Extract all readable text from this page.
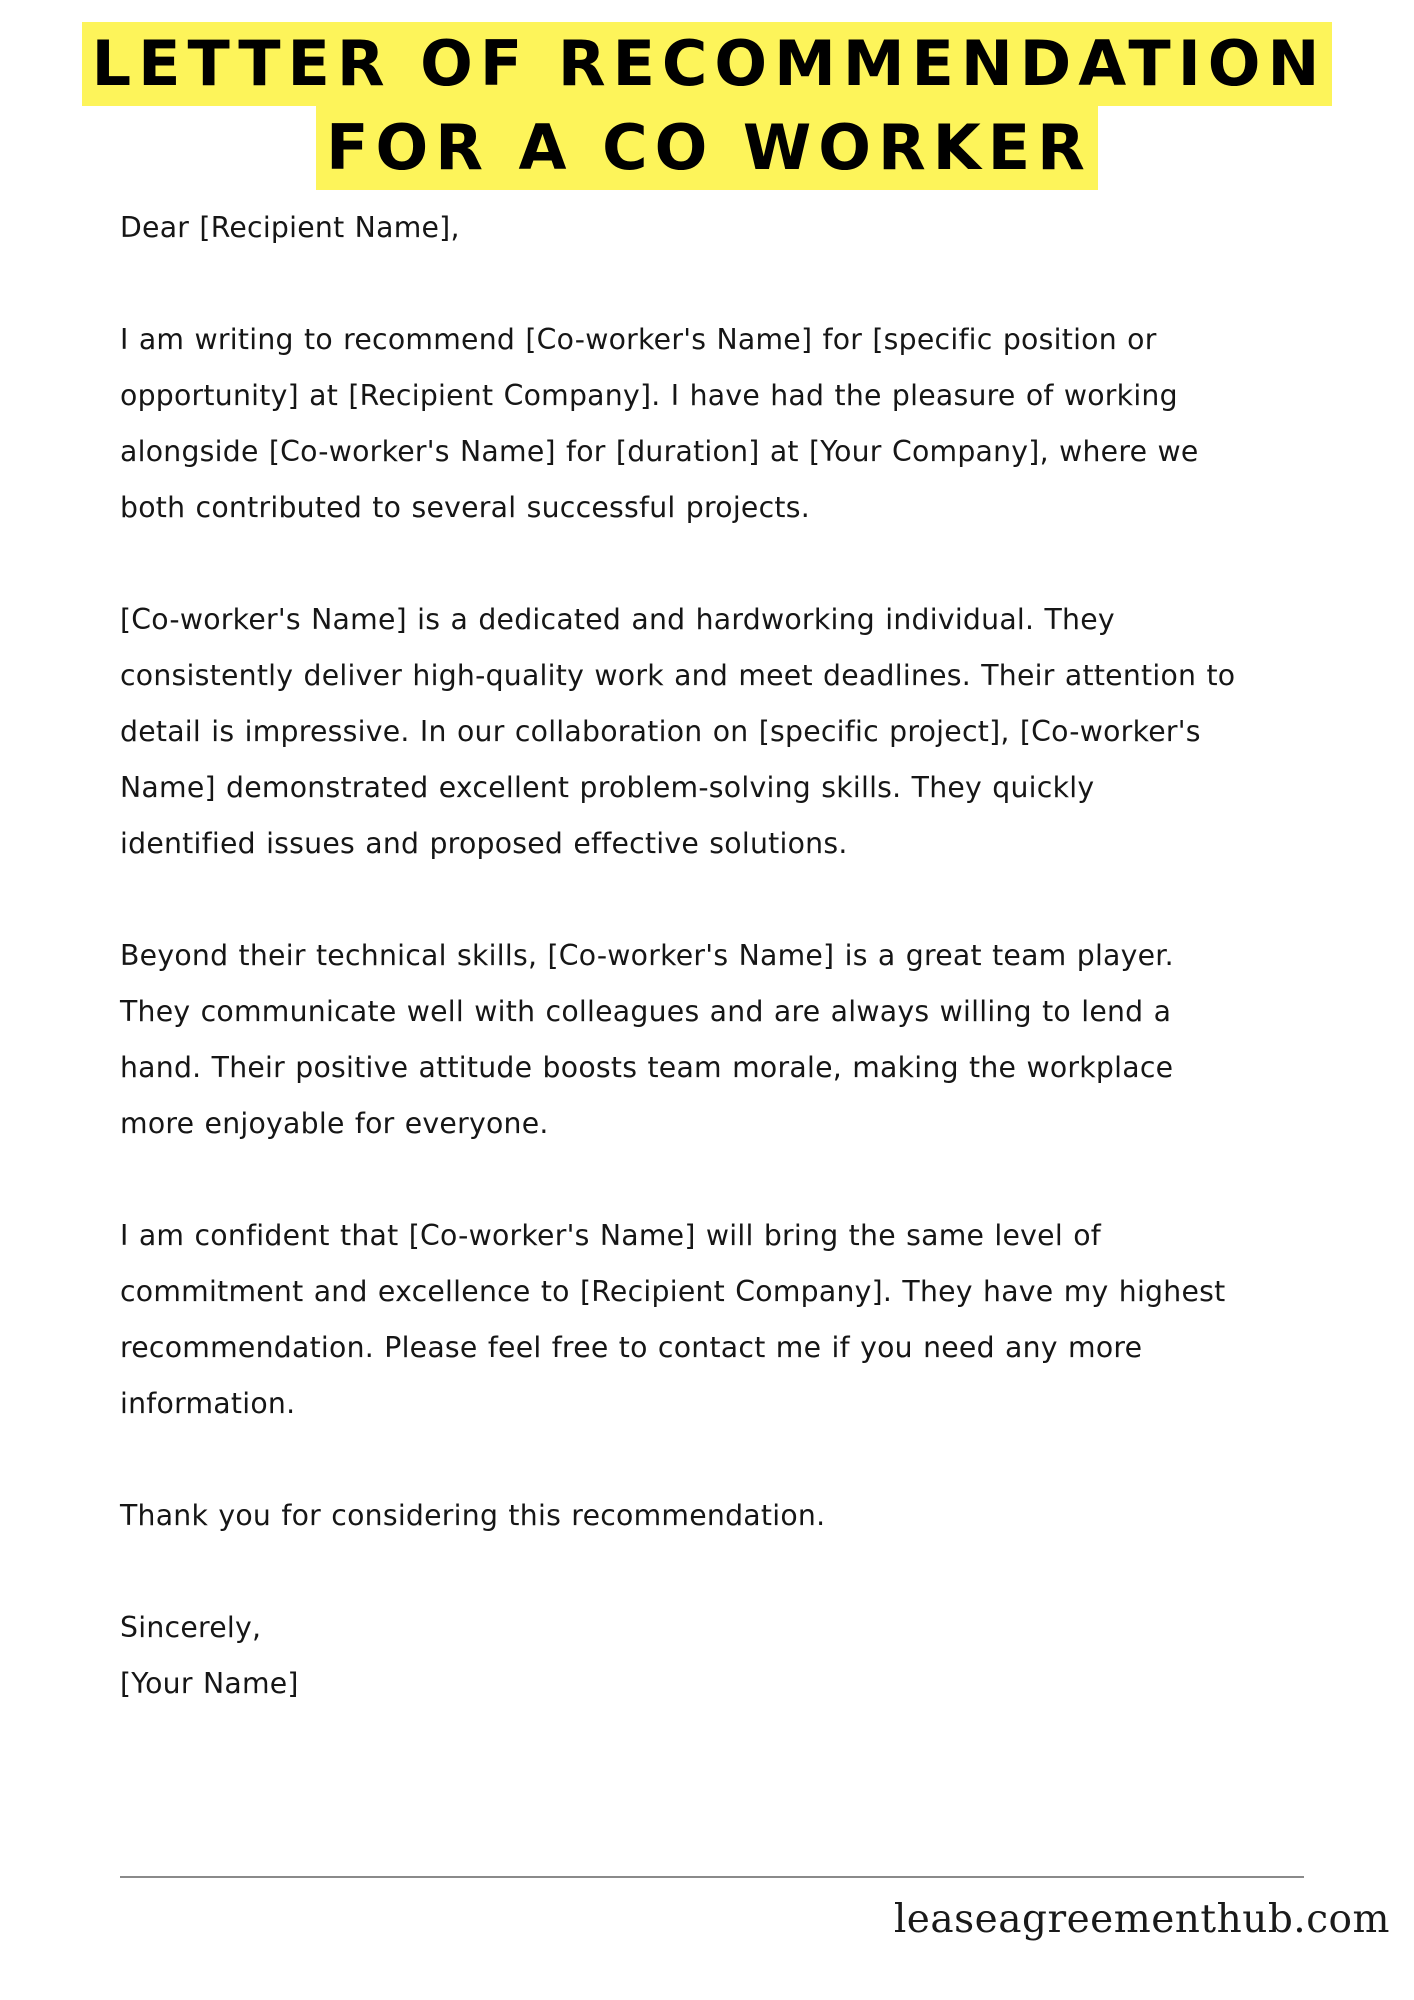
LETTER OF RECOMMENDATION
FOR A CO WORKER

Dear [Recipient Name],

I am writing to recommend [Co-worker's Name] for [specific position or
opportunity] at [Recipient Company]. I have had the pleasure of working
alongside [Co-worker's Name] for [duration] at [Your Company], where we
both contributed to several successful projects.

[Co-worker's Name] is a dedicated and hardworking individual. They
consistently deliver high-quality work and meet deadlines. Their attention to
detail is impressive. In our collaboration on [specific project], [Co-worker's
Name] demonstrated excellent problem-solving skills. They quickly
identified issues and proposed effective solutions.

Beyond their technical skills, [Co-worker's Name] is a great team player.
They communicate well with colleagues and are always willing to lend a
hand. Their positive attitude boosts team morale, making the workplace
more enjoyable for everyone.

I am confident that [Co-worker's Name] will bring the same level of
commitment and excellence to [Recipient Company]. They have my highest
recommendation. Please feel free to contact me if you need any more
information.

Thank you for considering this recommendation.

Sincerely,
[Your Name]

leaseagreementhub.com
